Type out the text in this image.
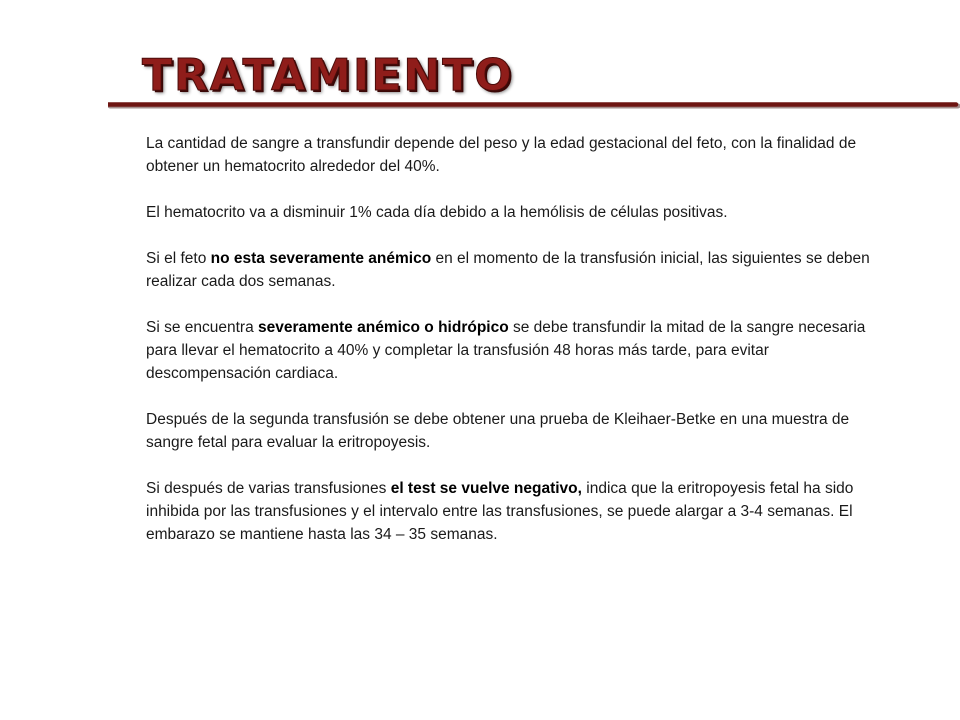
TRATAMIENTO

La cantidad de sangre a transfundir depende del peso y la edad gestacional del feto, con la finalidad de obtener un hematocrito alrededor del 40%.

El hematocrito va a disminuir 1% cada día debido a la hemólisis de células positivas.

Si el feto no esta severamente anémico en el momento de la transfusión inicial, las siguientes se deben realizar cada dos semanas.

Si se encuentra severamente anémico o hidrópico se debe transfundir la mitad de la sangre necesaria para llevar el hematocrito a 40% y completar la transfusión 48 horas más tarde, para evitar descompensación cardiaca.

Después de la segunda transfusión se debe obtener una prueba de Kleihaer-Betke en una muestra de sangre fetal para evaluar la eritropoyesis.

Si después de varias transfusiones el test se vuelve negativo, indica que la eritropoyesis fetal ha sido inhibida por las transfusiones y el intervalo entre las transfusiones, se puede alargar a 3-4 semanas. El embarazo se mantiene hasta las 34 – 35 semanas.
